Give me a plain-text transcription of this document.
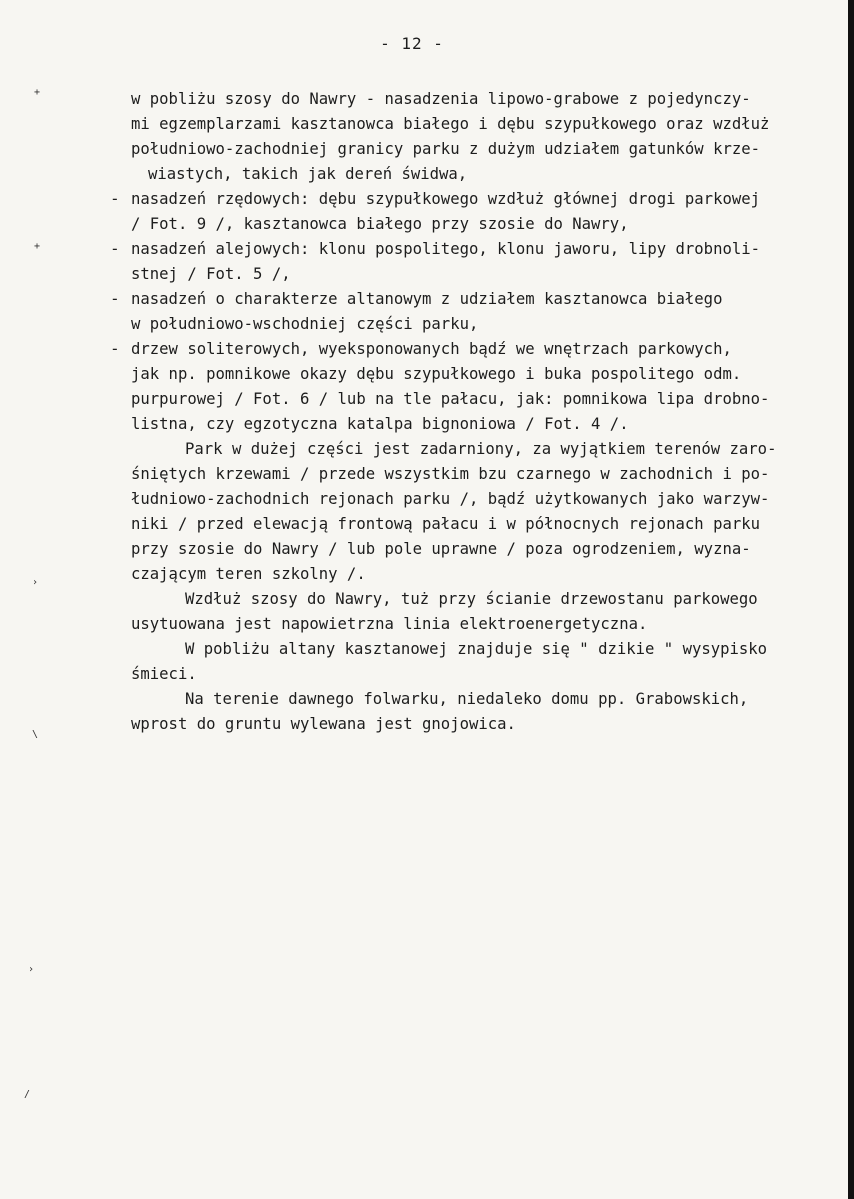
- 12 -
w pobliżu szosy do Nawry - nasadzenia lipowo-grabowe z pojedynczy-
mi egzemplarzami kasztanowca białego i dębu szypułkowego oraz wzdłuż
południowo-zachodniej granicy parku z dużym udziałem gatunków krze-
wiastych, takich jak dereń świdwa,
nasadzeń rzędowych: dębu szypułkowego wzdłuż głównej drogi parkowej
/ Fot. 9 /, kasztanowca białego przy szosie do Nawry,
nasadzeń alejowych: klonu pospolitego, klonu jaworu, lipy drobnoli-
stnej / Fot. 5 /,
nasadzeń o charakterze altanowym z udziałem kasztanowca białego
w południowo-wschodniej części parku,
drzew soliterowych, wyeksponowanych bądź we wnętrzach parkowych,
jak np. pomnikowe okazy dębu szypułkowego i buka pospolitego odm.
purpurowej / Fot. 6 / lub na tle pałacu, jak: pomnikowa lipa drobno-
listna, czy egzotyczna katalpa bignoniowa / Fot. 4 /.
Park w dużej części jest zadarniony, za wyjątkiem terenów zaro-
śniętych krzewami / przede wszystkim bzu czarnego w zachodnich i po-
łudniowo-zachodnich rejonach parku /, bądź użytkowanych jako warzyw-
niki / przed elewacją frontową pałacu i w północnych rejonach parku
przy szosie do Nawry / lub pole uprawne / poza ogrodzeniem, wyzna-
czającym teren szkolny /.
Wzdłuż szosy do Nawry, tuż przy ścianie drzewostanu parkowego
usytuowana jest napowietrzna linia elektroenergetyczna.
W pobliżu altany kasztanowej znajduje się " dzikie " wysypisko
śmieci.
Na terenie dawnego folwarku, niedaleko domu pp. Grabowskich,
wprost do gruntu wylewana jest gnojowica.
-
-
-
-
+
+
›
\
›
/
